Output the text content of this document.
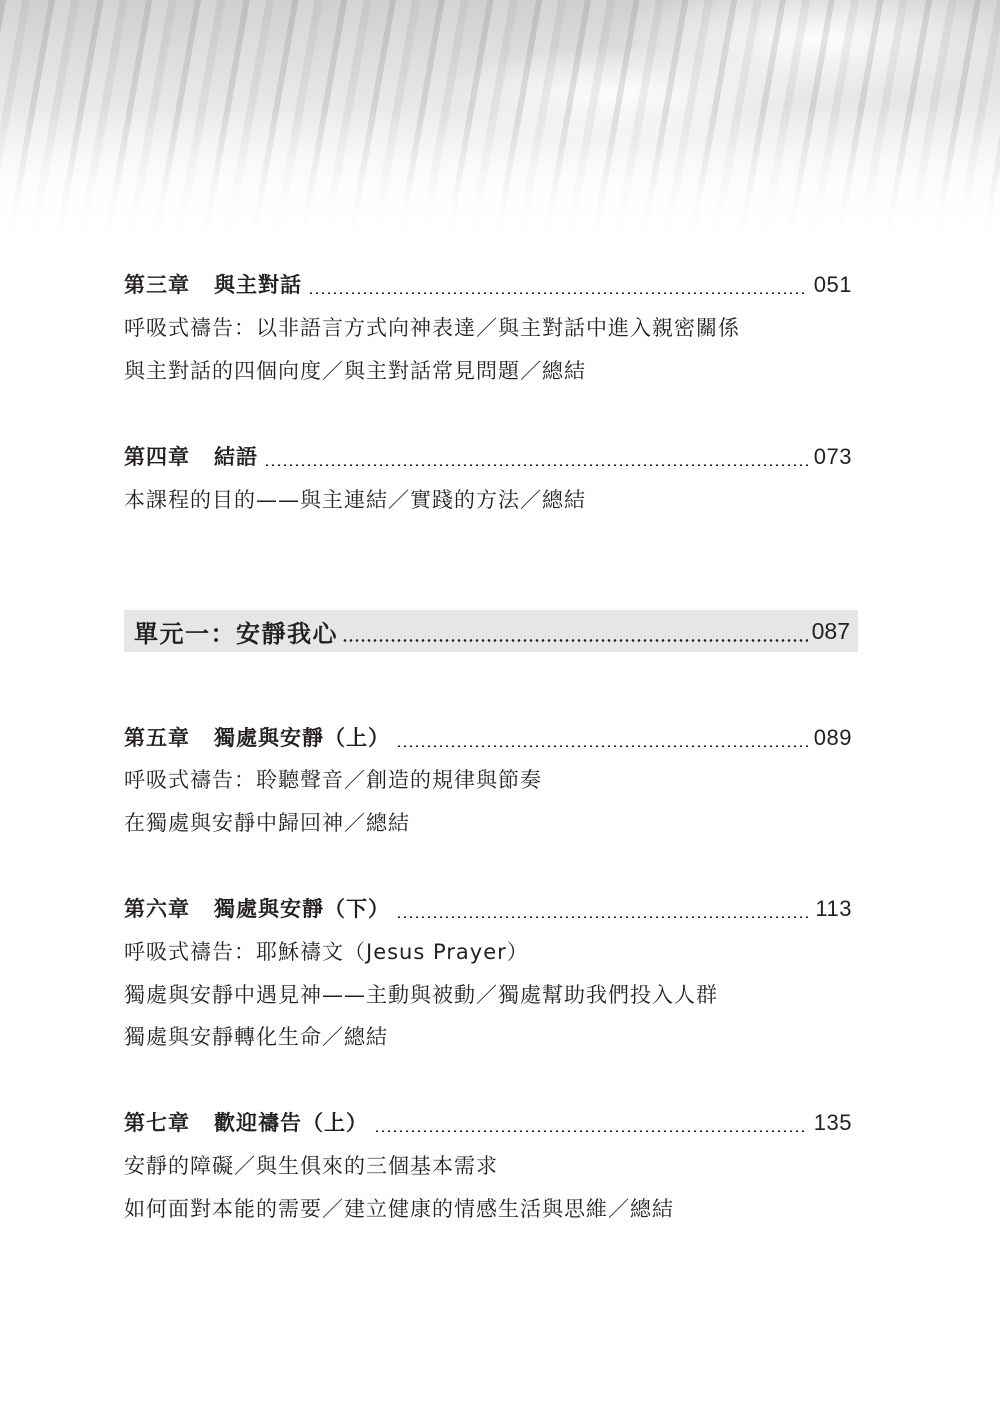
第三章 與主對話	051
呼吸式禱告：以非語言方式向神表達／與主對話中進入親密關係
與主對話的四個向度／與主對話常見問題／總結
第四章 結語	073
本課程的目的——與主連結／實踐的方法／總結
單元一：安靜我心	087
第五章 獨處與安靜（上）	089
呼吸式禱告：聆聽聲音／創造的規律與節奏
在獨處與安靜中歸回神／總結
第六章 獨處與安靜（下）	113
呼吸式禱告：耶穌禱文（Jesus Prayer）
獨處與安靜中遇見神——主動與被動／獨處幫助我們投入人群
獨處與安靜轉化生命／總結
第七章 歡迎禱告（上）	135
安靜的障礙／與生俱來的三個基本需求
如何面對本能的需要／建立健康的情感生活與思維／總結
